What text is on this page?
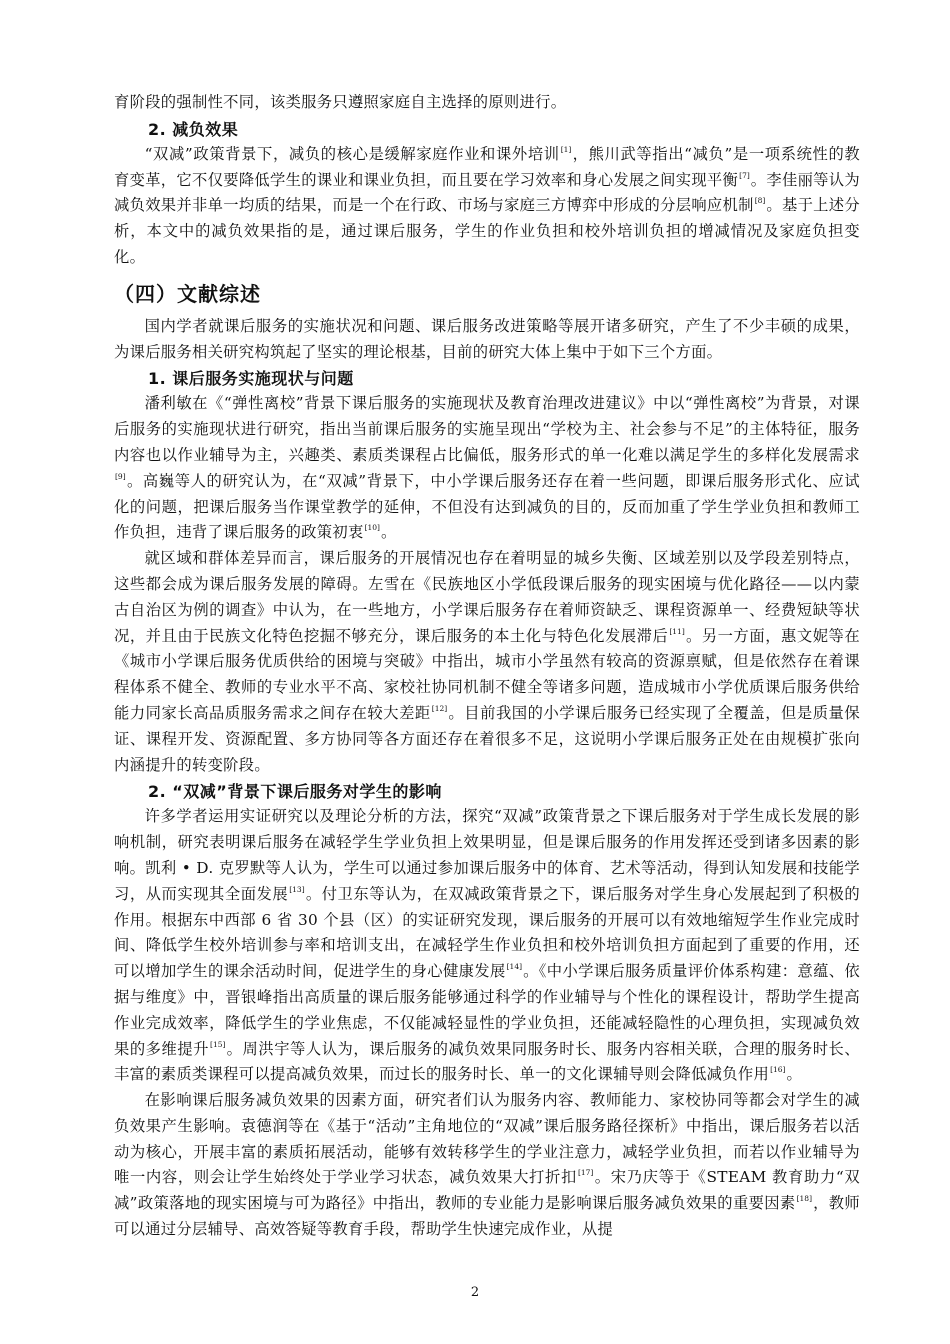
育阶段的强制性不同，该类服务只遵照家庭自主选择的原则进行。

2. 减负效果

“双减”政策背景下，减负的核心是缓解家庭作业和课外培训[1]，熊川武等指出“减负”是一项系统性的教育变革，它不仅要降低学生的课业和课业负担，而且要在学习效率和身心发展之间实现平衡[7]。李佳丽等认为减负效果并非单一均质的结果，而是一个在行政、市场与家庭三方博弈中形成的分层响应机制[8]。基于上述分析，本文中的减负效果指的是，通过课后服务，学生的作业负担和校外培训负担的增减情况及家庭负担变化。

（四）文献综述

国内学者就课后服务的实施状况和问题、课后服务改进策略等展开诸多研究，产生了不少丰硕的成果，为课后服务相关研究构筑起了坚实的理论根基，目前的研究大体上集中于如下三个方面。

1. 课后服务实施现状与问题

潘利敏在《“弹性离校”背景下课后服务的实施现状及教育治理改进建议》中以“弹性离校”为背景，对课后服务的实施现状进行研究，指出当前课后服务的实施呈现出“学校为主、社会参与不足”的主体特征，服务内容也以作业辅导为主，兴趣类、素质类课程占比偏低，服务形式的单一化难以满足学生的多样化发展需求[9]。高巍等人的研究认为，在“双减”背景下，中小学课后服务还存在着一些问题，即课后服务形式化、应试化的问题，把课后服务当作课堂教学的延伸，不但没有达到减负的目的，反而加重了学生学业负担和教师工作负担，违背了课后服务的政策初衷[10]。

就区域和群体差异而言，课后服务的开展情况也存在着明显的城乡失衡、区域差别以及学段差别特点，这些都会成为课后服务发展的障碍。左雪在《民族地区小学低段课后服务的现实困境与优化路径——以内蒙古自治区为例的调查》中认为，在一些地方，小学课后服务存在着师资缺乏、课程资源单一、经费短缺等状况，并且由于民族文化特色挖掘不够充分，课后服务的本土化与特色化发展滞后[11]。另一方面，惠文妮等在《城市小学课后服务优质供给的困境与突破》中指出，城市小学虽然有较高的资源禀赋，但是依然存在着课程体系不健全、教师的专业水平不高、家校社协同机制不健全等诸多问题，造成城市小学优质课后服务供给能力同家长高品质服务需求之间存在较大差距[12]。目前我国的小学课后服务已经实现了全覆盖，但是质量保证、课程开发、资源配置、多方协同等各方面还存在着很多不足，这说明小学课后服务正处在由规模扩张向内涵提升的转变阶段。

2. “双减”背景下课后服务对学生的影响

许多学者运用实证研究以及理论分析的方法，探究“双减”政策背景之下课后服务对于学生成长发展的影响机制，研究表明课后服务在减轻学生学业负担上效果明显，但是课后服务的作用发挥还受到诸多因素的影响。凯利 • D. 克罗默等人认为，学生可以通过参加课后服务中的体育、艺术等活动，得到认知发展和技能学习，从而实现其全面发展[13]。付卫东等认为，在双减政策背景之下，课后服务对学生身心发展起到了积极的作用。根据东中西部 6 省 30 个县（区）的实证研究发现，课后服务的开展可以有效地缩短学生作业完成时间、降低学生校外培训参与率和培训支出，在减轻学生作业负担和校外培训负担方面起到了重要的作用，还可以增加学生的课余活动时间，促进学生的身心健康发展[14]。《中小学课后服务质量评价体系构建：意蕴、依据与维度》中，晋银峰指出高质量的课后服务能够通过科学的作业辅导与个性化的课程设计，帮助学生提高作业完成效率，降低学生的学业焦虑，不仅能减轻显性的学业负担，还能减轻隐性的心理负担，实现减负效果的多维提升[15]。周洪宇等人认为，课后服务的减负效果同服务时长、服务内容相关联，合理的服务时长、丰富的素质类课程可以提高减负效果，而过长的服务时长、单一的文化课辅导则会降低减负作用[16]。

在影响课后服务减负效果的因素方面，研究者们认为服务内容、教师能力、家校协同等都会对学生的减负效果产生影响。袁德润等在《基于“活动”主角地位的“双减”课后服务路径探析》中指出，课后服务若以活动为核心，开展丰富的素质拓展活动，能够有效转移学生的学业注意力，减轻学业负担，而若以作业辅导为唯一内容，则会让学生始终处于学业学习状态，减负效果大打折扣[17]。宋乃庆等于《STEAM 教育助力“双减”政策落地的现实困境与可为路径》中指出，教师的专业能力是影响课后服务减负效果的重要因素[18]，教师可以通过分层辅导、高效答疑等教育手段，帮助学生快速完成作业，从提

2
